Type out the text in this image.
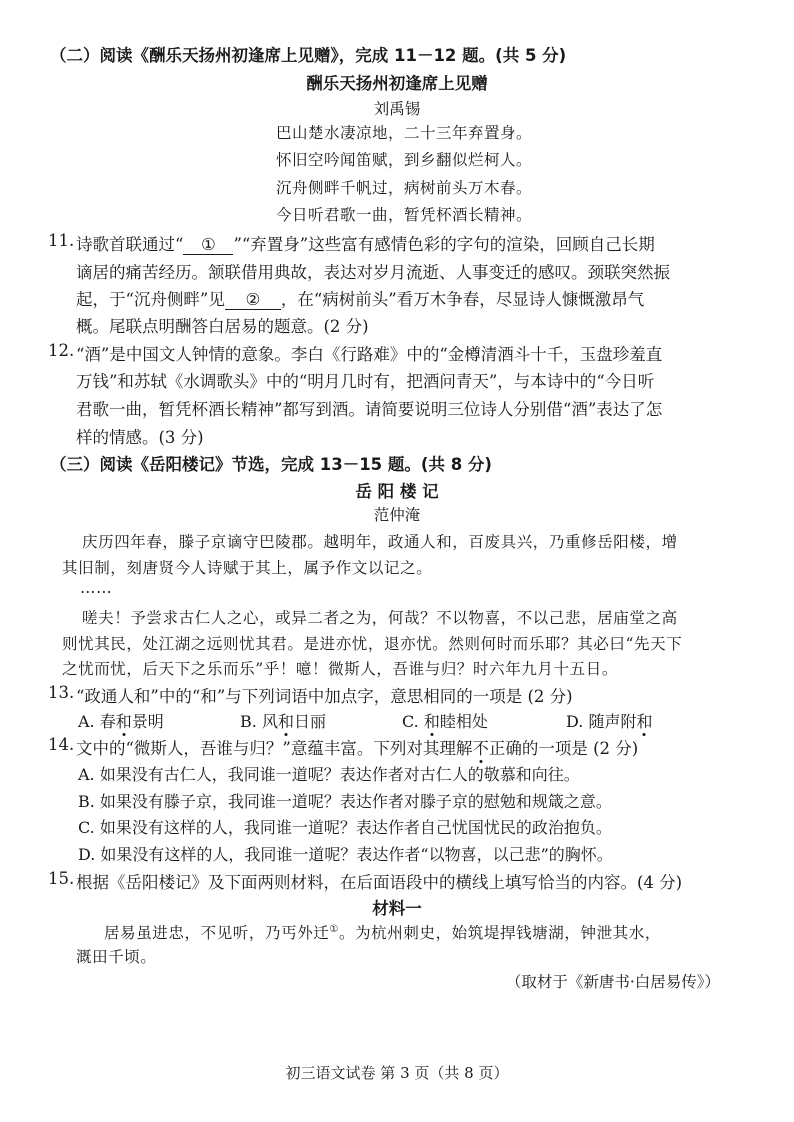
（二）阅读《酬乐天扬州初逢席上见赠》，完成 11－12 题。(共 5 分)
酬乐天扬州初逢席上见赠
刘禹锡
巴山楚水凄凉地，二十三年弃置身。
怀旧空吟闻笛赋，到乡翻似烂柯人。
沉舟侧畔千帆过，病树前头万木春。
今日听君歌一曲，暂凭杯酒长精神。
11. 诗歌首联通过“ ① ”“弃置身”这些富有感情色彩的字句的渲染，回顾自己长期
谪居的痛苦经历。颔联借用典故，表达对岁月流逝、人事变迁的感叹。颈联突然振
起，于“沉舟侧畔”见 ② ，在“病树前头”看万木争春，尽显诗人慷慨激昂气
概。尾联点明酬答白居易的题意。(2 分)
12. “酒”是中国文人钟情的意象。李白《行路难》中的“金樽清酒斗十千，玉盘珍羞直
万钱”和苏轼《水调歌头》中的“明月几时有，把酒问青天”，与本诗中的“今日听
君歌一曲，暂凭杯酒长精神”都写到酒。请简要说明三位诗人分别借“酒”表达了怎
样的情感。(3 分)
（三）阅读《岳阳楼记》节选，完成 13－15 题。(共 8 分)
岳 阳 楼 记
范仲淹
庆历四年春，滕子京谪守巴陵郡。越明年，政通人和，百废具兴，乃重修岳阳楼，增
其旧制，刻唐贤今人诗赋于其上，属予作文以记之。
……
嗟夫！予尝求古仁人之心，或异二者之为，何哉？不以物喜，不以己悲，居庙堂之高
则忧其民，处江湖之远则忧其君。是进亦忧，退亦忧。然则何时而乐耶？其必曰“先天下
之忧而忧，后天下之乐而乐”乎！噫！微斯人，吾谁与归？时六年九月十五日。
13. “政通人和”中的“和”与下列词语中加点字，意思相同的一项是 (2 分)
A. 春和景明	B. 风和日丽	C. 和睦相处	D. 随声附和
14. 文中的“微斯人，吾谁与归？”意蕴丰富。下列对其理解不正确的一项是 (2 分)
A. 如果没有古仁人，我同谁一道呢？表达作者对古仁人的敬慕和向往。
B. 如果没有滕子京，我同谁一道呢？表达作者对滕子京的慰勉和规箴之意。
C. 如果没有这样的人，我同谁一道呢？表达作者自己忧国忧民的政治抱负。
D. 如果没有这样的人，我同谁一道呢？表达作者“以物喜，以己悲”的胸怀。
15. 根据《岳阳楼记》及下面两则材料，在后面语段中的横线上填写恰当的内容。(4 分)
材料一
居易虽进忠，不见听，乃丐外迁①。为杭州刺史，始筑堤捍钱塘湖，钟泄其水，
溉田千顷。
（取材于《新唐书·白居易传》）
初三语文试卷 第 3 页（共 8 页）
